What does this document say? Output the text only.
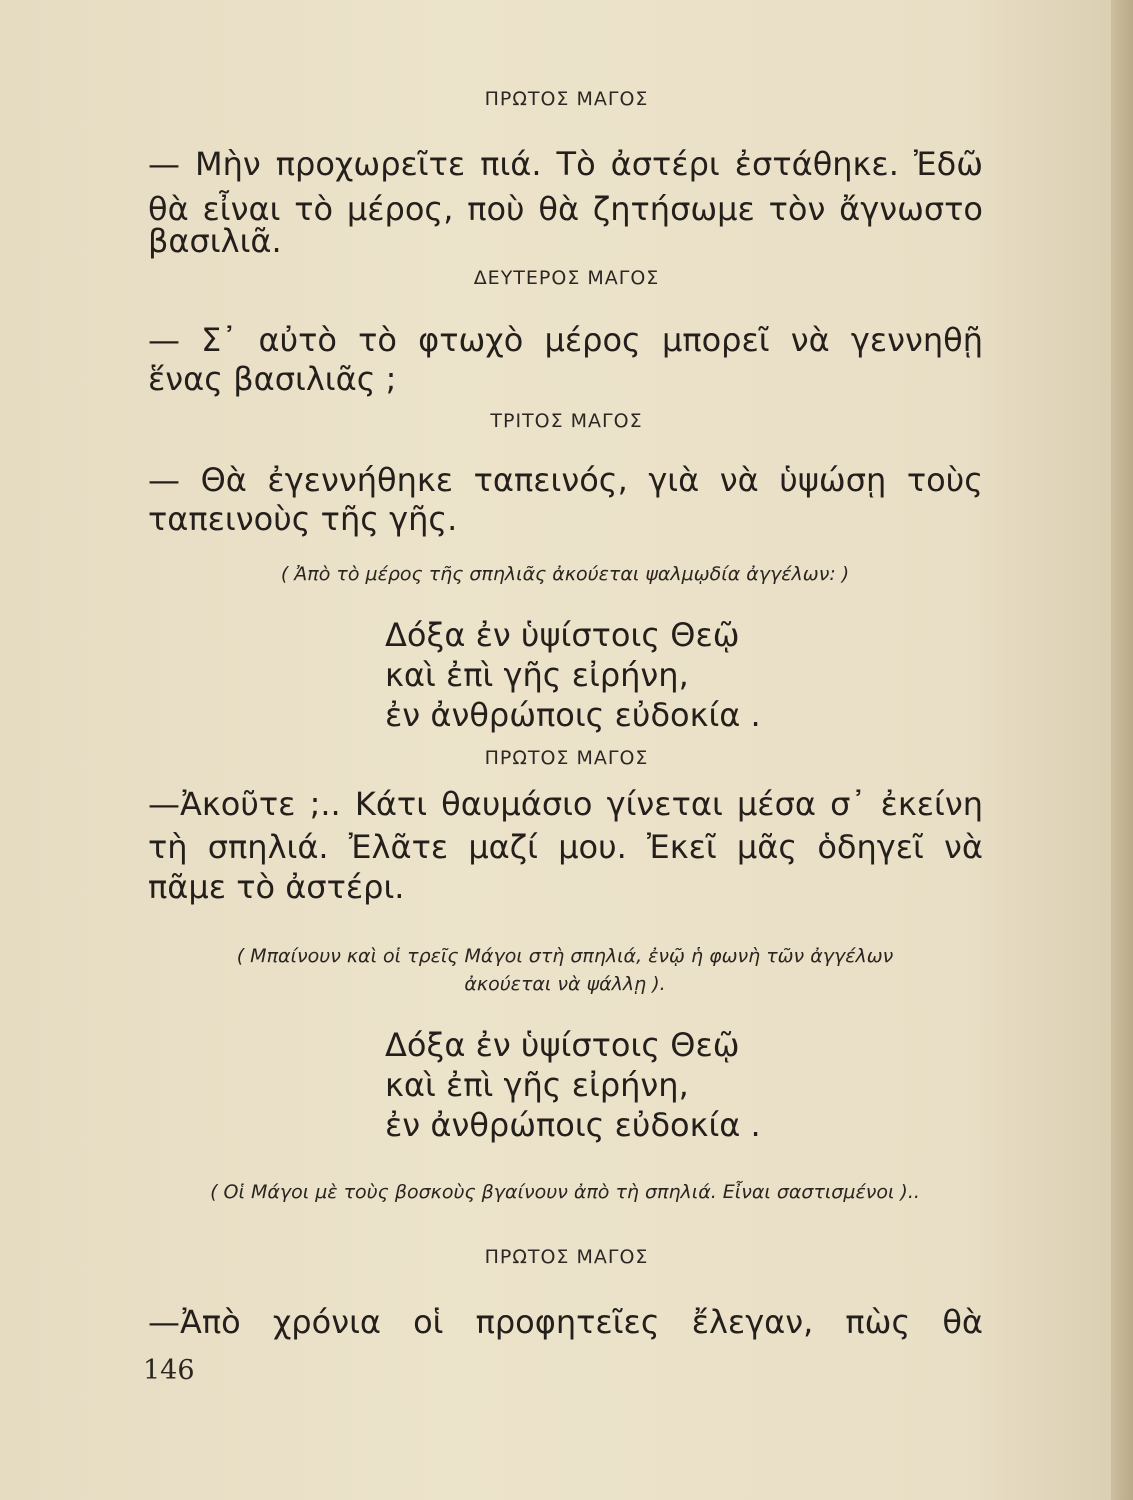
ΠΡΩΤΟΣ ΜΑΓΟΣ
— Μὴν προχωρεῖτε πιά. Τὸ ἀστέρι ἐστάθηκε. Ἐδῶ
θὰ εἶναι τὸ μέρος, ποὺ θὰ ζητήσωμε τὸν ἄγνωστο
βασιλιᾶ.
ΔΕΥΤΕΡΟΣ ΜΑΓΟΣ
— Σ᾿ αὐτὸ τὸ φτωχὸ μέρος μπορεῖ νὰ γεννηθῇ
ἕνας βασιλιᾶς ;
ΤΡΙΤΟΣ ΜΑΓΟΣ
— Θὰ ἐγεννήθηκε ταπεινός, γιὰ νὰ ὑψώσῃ τοὺς
ταπεινοὺς τῆς γῆς.
( Ἀπὸ τὸ μέρος τῆς σπηλιᾶς ἀκούεται ψαλμῳδία ἀγγέλων: )
Δόξα ἐν ὑψίστοις Θεῷ
καὶ ἐπὶ γῆς εἰρήνη,
ἐν ἀνθρώποις εὐδοκία .
ΠΡΩΤΟΣ ΜΑΓΟΣ
—Ἀκοῦτε ;.. Κάτι θαυμάσιο γίνεται μέσα σ᾿ ἐκείνη
τὴ σπηλιά. Ἐλᾶτε μαζί μου. Ἐκεῖ μᾶς ὁδηγεῖ νὰ
πᾶμε τὸ ἀστέρι.
( Μπαίνουν καὶ οἱ τρεῖς Μάγοι στὴ σπηλιά, ἐνῷ ἡ φωνὴ τῶν ἀγγέλων
ἀκούεται νὰ ψάλλῃ ).
Δόξα ἐν ὑψίστοις Θεῷ
καὶ ἐπὶ γῆς εἰρήνη,
ἐν ἀνθρώποις εὐδοκία .
( Οἱ Μάγοι μὲ τοὺς βοσκοὺς βγαίνουν ἀπὸ τὴ σπηλιά. Εἶναι σαστισμένοι )..
ΠΡΩΤΟΣ ΜΑΓΟΣ
—Ἀπὸ χρόνια οἱ προφητεῖες ἔλεγαν, πὼς θὰ
146
